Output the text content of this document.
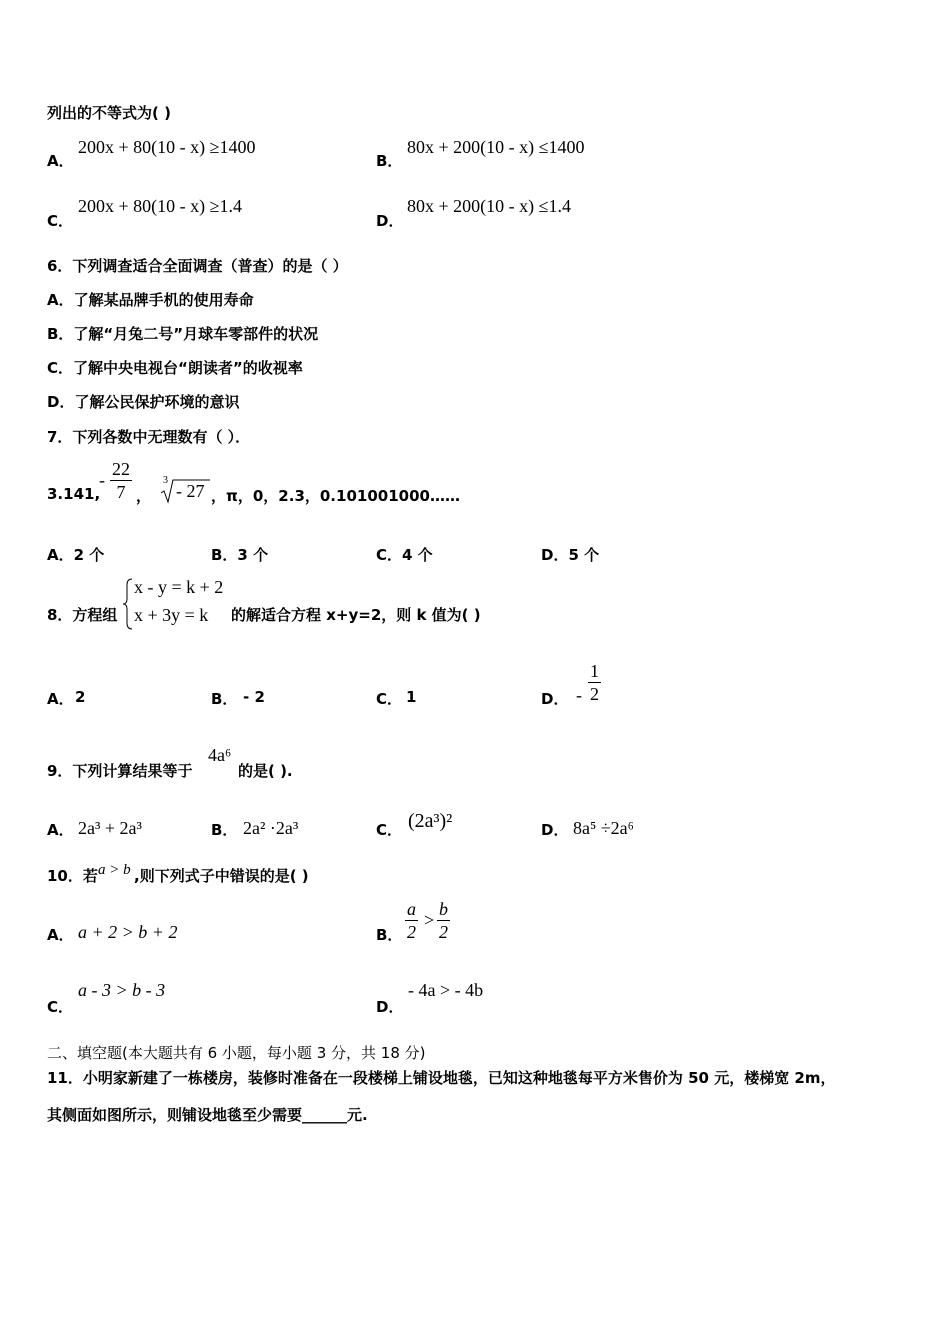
列出的不等式为( )
A．
200x + 80(10 - x) ≥1400
B．
80x + 200(10 - x) ≤1400
C．
200x + 80(10 - x) ≥1.4
D．
80x + 200(10 - x) ≤1.4
6．下列调查适合全面调查（普查）的是（ ）
A．了解某品牌手机的使用寿命
B．了解“月兔二号”月球车零部件的状况
C．了解中央电视台“朗读者”的收视率
D．了解公民保护环境的意识
7．下列各数中无理数有（ ）．
3.141,
- $\frac{22}{7}$ ，
3
- 27 ，π，0，2.3，0.101001000……
A．2 个	B．3 个	C．4 个	D．5 个
8．方程组
x - y = k + 2
x + 3y = k 的解适合方程 x+y=2，则 k 值为( )
A． 2	B． - 2	C． 1	D． - $\frac{1}{2}$
9．下列计算结果等于
4a⁶
的是( ).
A． 2a³ + 2a³	B． 2a² ·2a³	C． (2a³)²	D． 8a⁵ ÷2a⁶
10．若 a > b ,则下列式子中错误的是( )
A． a + 2 > b + 2	B． $\frac{a}{2} > \frac{b}{2}$
C．
a - 3 > b - 3
D．
- 4a > - 4b
二、填空题(本大题共有 6 小题，每小题 3 分，共 18 分)
11．小明家新建了一栋楼房，装修时准备在一段楼梯上铺设地毯，已知这种地毯每平方米售价为 50 元，楼梯宽 2m，
其侧面如图所示，则铺设地毯至少需要______元.
